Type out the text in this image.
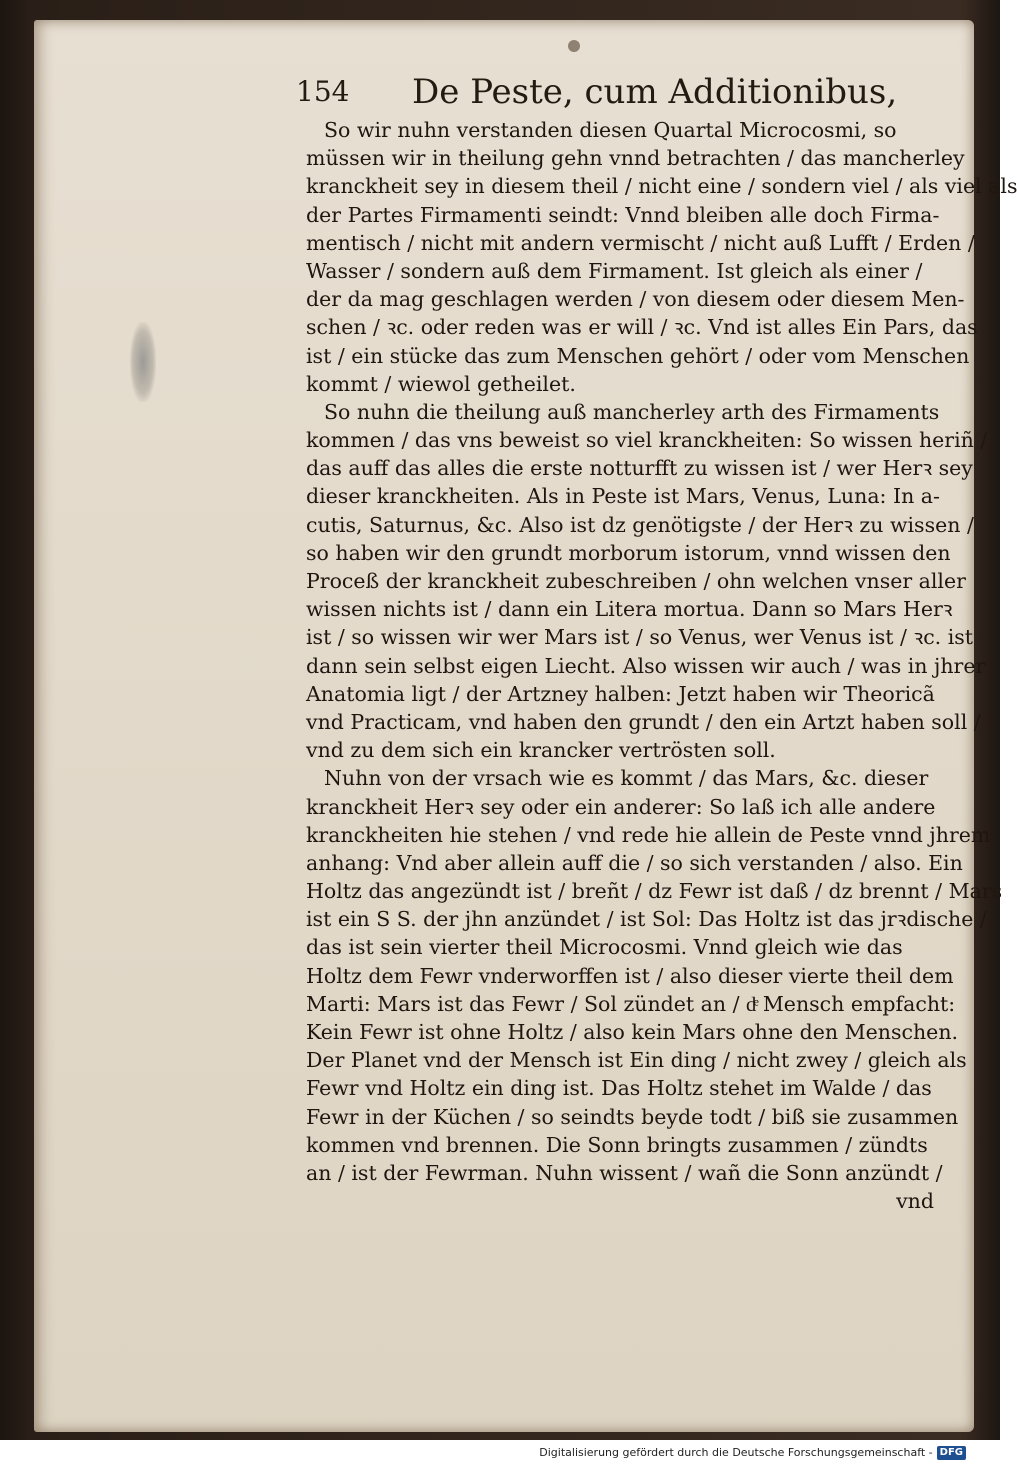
154 De Peste, cum Additionibus,
So wir nuhn verstanden diesen Quartal Microcosmi, so
müssen wir in theilung gehn vnnd betrachten / das mancherley
kranckheit sey in diesem theil / nicht eine / sondern viel / als viel als
der Partes Firmamenti seindt: Vnnd bleiben alle doch Firma-
mentisch / nicht mit andern vermischt / nicht auß Lufft / Erden /
Wasser / sondern auß dem Firmament. Ist gleich als einer /
der da mag geschlagen werden / von diesem oder diesem Men-
schen / ꝛc. oder reden was er will / ꝛc. Vnd ist alles Ein Pars, das
ist / ein stücke das zum Menschen gehört / oder vom Menschen
kommt / wiewol getheilet.
So nuhn die theilung auß mancherley arth des Firmaments
kommen / das vns beweist so viel kranckheiten: So wissen heriñ /
das auff das alles die erste notturfft zu wissen ist / wer Herꝛ sey
dieser kranckheiten. Als in Peste ist Mars, Venus, Luna: In a-
cutis, Saturnus, &c. Also ist dz genötigste / der Herꝛ zu wissen /
so haben wir den grundt morborum istorum, vnnd wissen den
Proceß der kranckheit zubeschreiben / ohn welchen vnser aller
wissen nichts ist / dann ein Litera mortua. Dann so Mars Herꝛ
ist / so wissen wir wer Mars ist / so Venus, wer Venus ist / ꝛc. ist
dann sein selbst eigen Liecht. Also wissen wir auch / was in jhrer
Anatomia ligt / der Artzney halben: Jetzt haben wir Theoricã
vnd Practicam, vnd haben den grundt / den ein Artzt haben soll /
vnd zu dem sich ein krancker vertrösten soll.
Nuhn von der vrsach wie es kommt / das Mars, &c. dieser
kranckheit Herꝛ sey oder ein anderer: So laß ich alle andere
kranckheiten hie stehen / vnd rede hie allein de Peste vnnd jhrem
anhang: Vnd aber allein auff die / so sich verstanden / also. Ein
Holtz das angezündt ist / breñt / dz Fewr ist daß / dz brennt / Mars
ist ein S S. der jhn anzündet / ist Sol: Das Holtz ist das jrꝛdische /
das ist sein vierter theil Microcosmi. Vnnd gleich wie das
Holtz dem Fewr vnderworffen ist / also dieser vierte theil dem
Marti: Mars ist das Fewr / Sol zündet an / dͤ Mensch empfacht:
Kein Fewr ist ohne Holtz / also kein Mars ohne den Menschen.
Der Planet vnd der Mensch ist Ein ding / nicht zwey / gleich als
Fewr vnd Holtz ein ding ist. Das Holtz stehet im Walde / das
Fewr in der Küchen / so seindts beyde todt / biß sie zusammen
kommen vnd brennen. Die Sonn bringts zusammen / zündts
an / ist der Fewrman. Nuhn wissent / wañ die Sonn anzündt /
vnd
Digitalisierung gefördert durch die Deutsche Forschungsgemeinschaft - DFG
